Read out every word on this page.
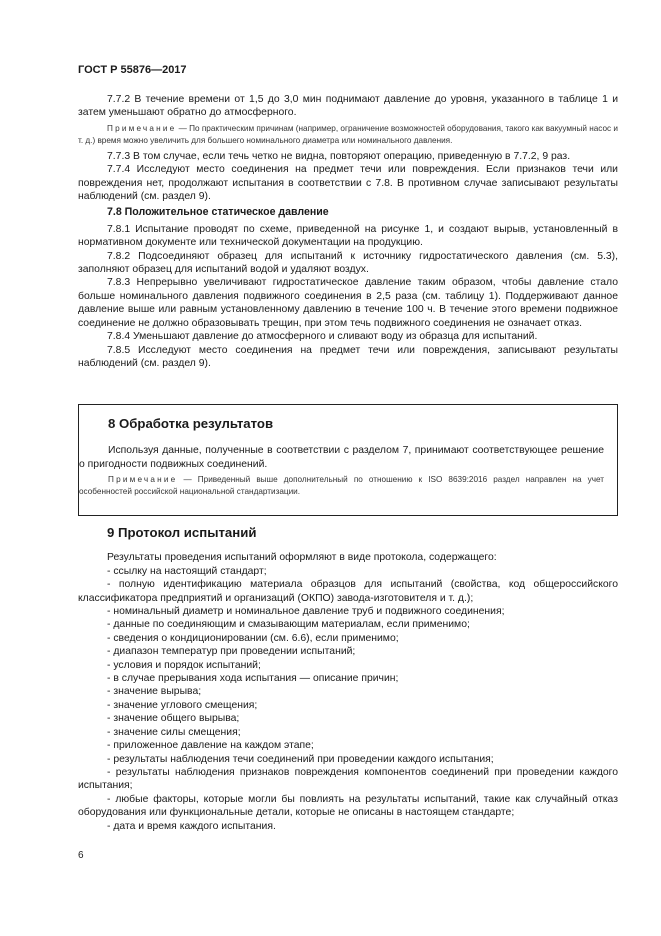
ГОСТ Р 55876—2017

7.7.2 В течение времени от 1,5 до 3,0 мин поднимают давление до уровня, указанного в таблице 1 и затем уменьшают обратно до атмосферного.

Примечание — По практическим причинам (например, ограничение возможностей оборудования, такого как вакуумный насос и т. д.) время можно увеличить для большего номинального диаметра или номинального давления.

7.7.3 В том случае, если течь четко не видна, повторяют операцию, приведенную в 7.7.2, 9 раз.

7.7.4 Исследуют место соединения на предмет течи или повреждения. Если признаков течи или повреждения нет, продолжают испытания в соответствии с 7.8. В противном случае записывают результаты наблюдений (см. раздел 9).

7.8 Положительное статическое давление

7.8.1 Испытание проводят по схеме, приведенной на рисунке 1, и создают вырыв, установленный в нормативном документе или технической документации на продукцию.

7.8.2 Подсоединяют образец для испытаний к источнику гидростатического давления (см. 5.3), заполняют образец для испытаний водой и удаляют воздух.

7.8.3 Непрерывно увеличивают гидростатическое давление таким образом, чтобы давление стало больше номинального давления подвижного соединения в 2,5 раза (см. таблицу 1). Поддерживают данное давление выше или равным установленному давлению в течение 100 ч. В течение этого времени подвижное соединение не должно образовывать трещин, при этом течь подвижного соединения не означает отказ.

7.8.4 Уменьшают давление до атмосферного и сливают воду из образца для испытаний.

7.8.5 Исследуют место соединения на предмет течи или повреждения, записывают результаты наблюдений (см. раздел 9).

8 Обработка результатов

Используя данные, полученные в соответствии с разделом 7, принимают соответствующее решение о пригодности подвижных соединений.

Примечание — Приведенный выше дополнительный по отношению к ISO 8639:2016 раздел направлен на учет особенностей российской национальной стандартизации.

9 Протокол испытаний

Результаты проведения испытаний оформляют в виде протокола, содержащего:

- ссылку на настоящий стандарт;

- полную идентификацию материала образцов для испытаний (свойства, код общероссийского классификатора предприятий и организаций (ОКПО) завода-изготовителя и т. д.);

- номинальный диаметр и номинальное давление труб и подвижного соединения;

- данные по соединяющим и смазывающим материалам, если применимо;

- сведения о кондиционировании (см. 6.6), если применимо;

- диапазон температур при проведении испытаний;

- условия и порядок испытаний;

- в случае прерывания хода испытания — описание причин;

- значение вырыва;

- значение углового смещения;

- значение общего вырыва;

- значение силы смещения;

- приложенное давление на каждом этапе;

- результаты наблюдения течи соединений при проведении каждого испытания;

- результаты наблюдения признаков повреждения компонентов соединений при проведении каждого испытания;

- любые факторы, которые могли бы повлиять на результаты испытаний, такие как случайный отказ оборудования или функциональные детали, которые не описаны в настоящем стандарте;

- дата и время каждого испытания.

6
